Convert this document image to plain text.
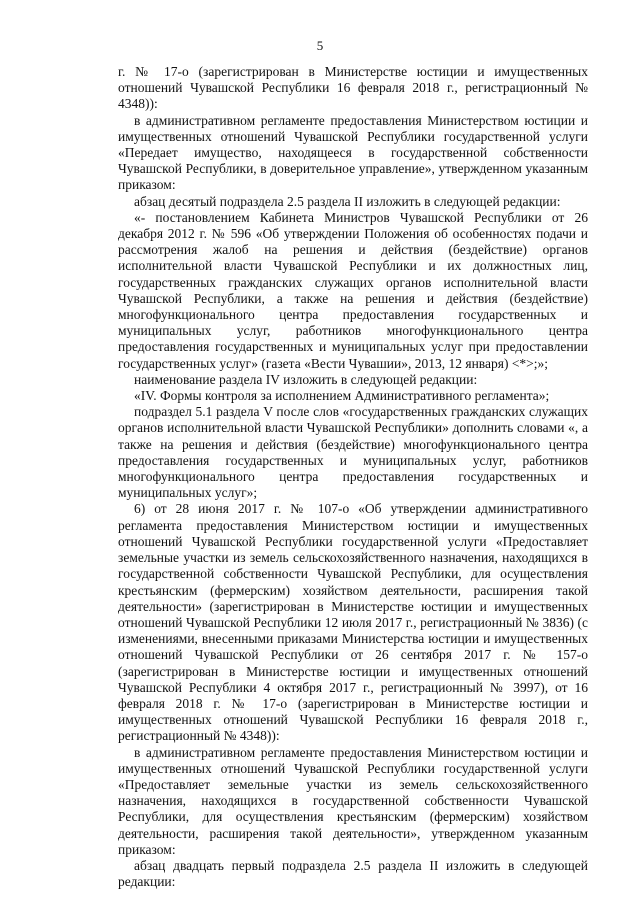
5

г. № 17-о (зарегистрирован в Министерстве юстиции и имущественных отношений Чувашской Республики 16 февраля 2018 г., регистрационный № 4348)):

в административном регламенте предоставления Министерством юстиции и имущественных отношений Чувашской Республики государственной услуги «Передает имущество, находящееся в государственной собственности Чувашской Республики, в доверительное управление», утвержденном указанным приказом:

абзац десятый подраздела 2.5 раздела II изложить в следующей редакции:

«- постановлением Кабинета Министров Чувашской Республики от 26 декабря 2012 г. № 596 «Об утверждении Положения об особенностях подачи и рассмотрения жалоб на решения и действия (бездействие) органов исполнительной власти Чувашской Республики и их должностных лиц, государственных гражданских служащих органов исполнительной власти Чувашской Республики, а также на решения и действия (бездействие) многофункционального центра предоставления государственных и муниципальных услуг, работников многофункционального центра предоставления государственных и муниципальных услуг при предоставлении государственных услуг» (газета «Вести Чувашии», 2013, 12 января) <*>;»;

наименование раздела IV изложить в следующей редакции:

«IV. Формы контроля за исполнением Административного регламента»;

подраздел 5.1 раздела V после слов «государственных гражданских служащих органов исполнительной власти Чувашской Республики» дополнить словами «, а также на решения и действия (бездействие) многофункционального центра предоставления государственных и муниципальных услуг, работников многофункционального центра предоставления государственных и муниципальных услуг»;

6) от 28 июня 2017 г. № 107-о «Об утверждении административного регламента предоставления Министерством юстиции и имущественных отношений Чувашской Республики государственной услуги «Предоставляет земельные участки из земель сельскохозяйственного назначения, находящихся в государственной собственности Чувашской Республики, для осуществления крестьянским (фермерским) хозяйством деятельности, расширения такой деятельности» (зарегистрирован в Министерстве юстиции и имущественных отношений Чувашской Республики 12 июля 2017 г., регистрационный № 3836) (с изменениями, внесенными приказами Министерства юстиции и имущественных отношений Чувашской Республики от 26 сентября 2017 г. № 157-о (зарегистрирован в Министерстве юстиции и имущественных отношений Чувашской Республики 4 октября 2017 г., регистрационный № 3997), от 16 февраля 2018 г. № 17-о (зарегистрирован в Министерстве юстиции и имущественных отношений Чувашской Республики 16 февраля 2018 г., регистрационный № 4348)):

в административном регламенте предоставления Министерством юстиции и имущественных отношений Чувашской Республики государственной услуги «Предоставляет земельные участки из земель сельскохозяйственного назначения, находящихся в государственной собственности Чувашской Республики, для осуществления крестьянским (фермерским) хозяйством деятельности, расширения такой деятельности», утвержденном указанным приказом:

абзац двадцать первый подраздела 2.5 раздела II изложить в следующей редакции:
